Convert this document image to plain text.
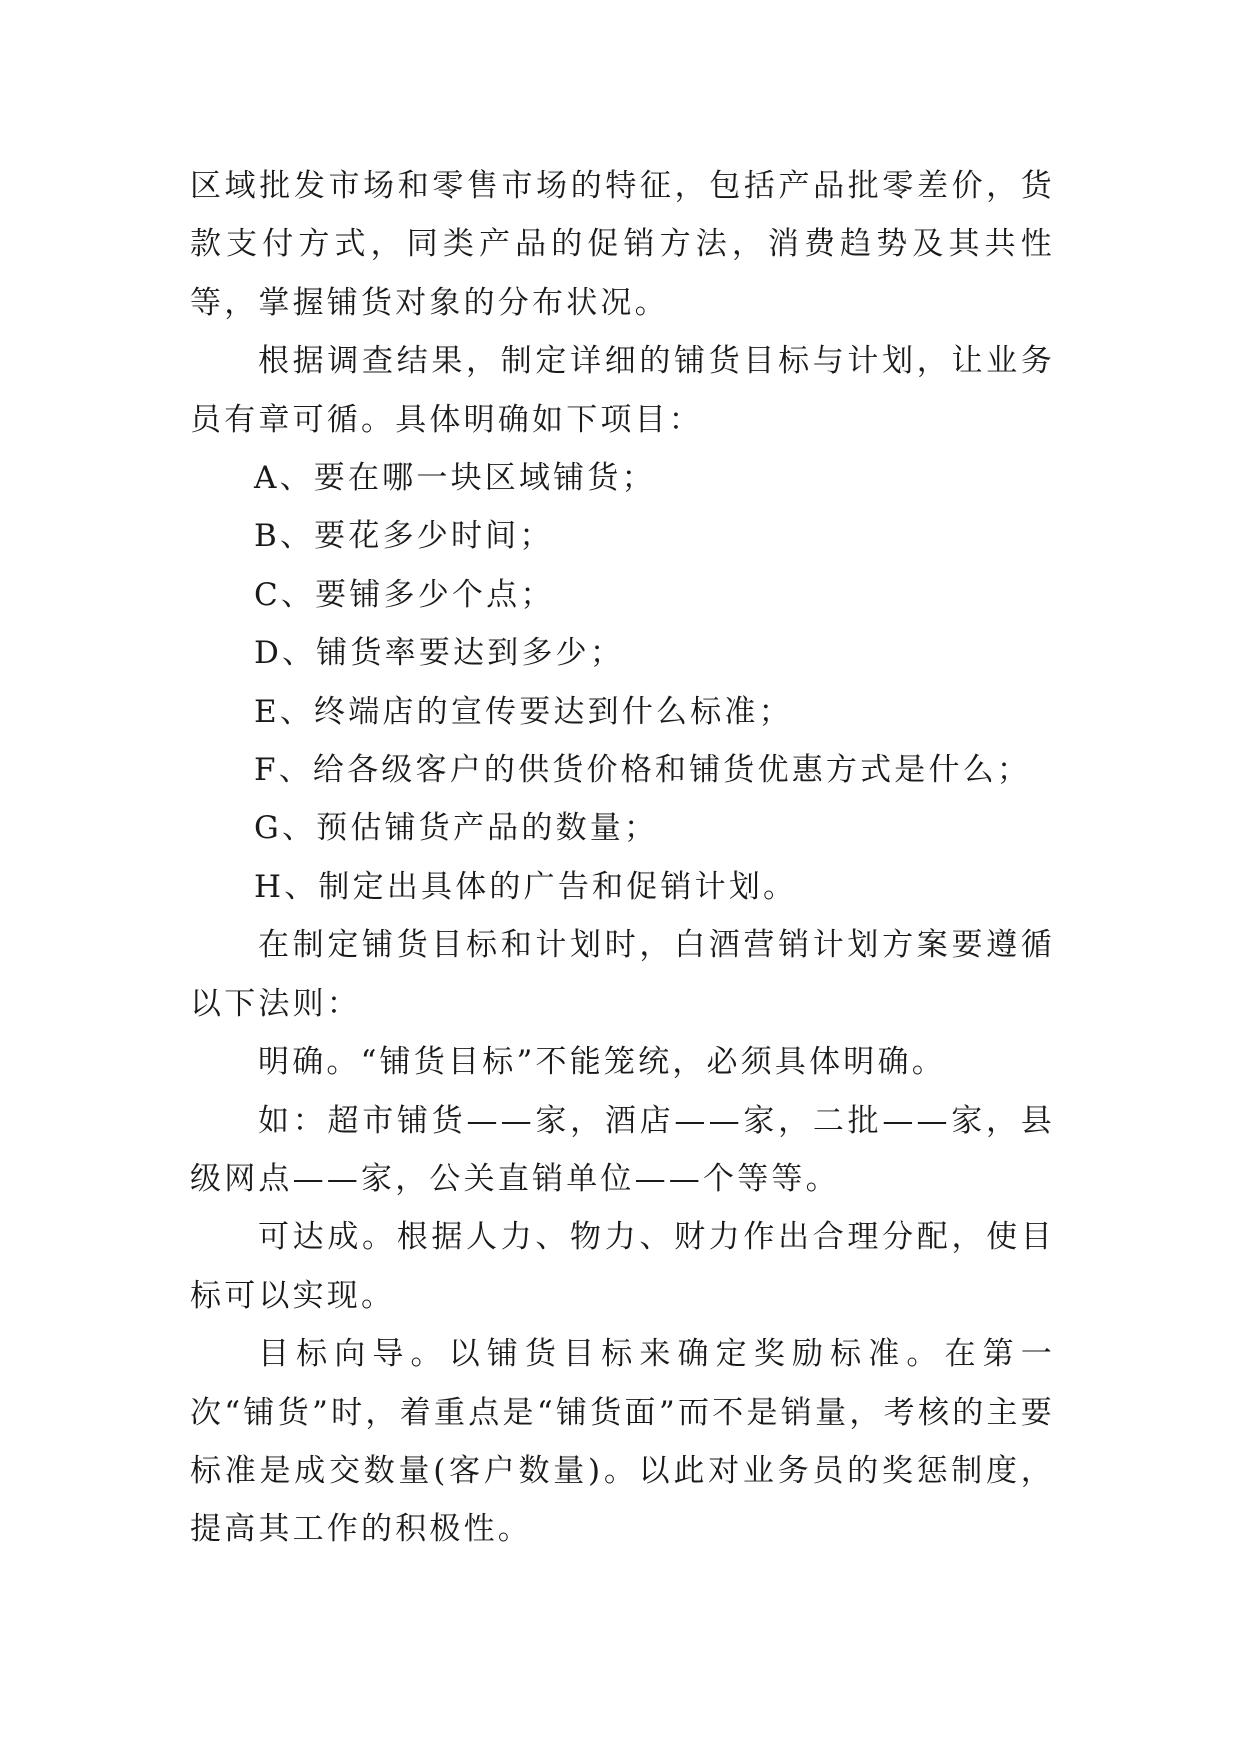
区域批发市场和零售市场的特征，包括产品批零差价，货款支付方式，同类产品的促销方法，消费趋势及其共性等，掌握铺货对象的分布状况。

根据调查结果，制定详细的铺货目标与计划，让业务员有章可循。具体明确如下项目：

A、要在哪一块区域铺货；

B、要花多少时间；

C、要铺多少个点；

D、铺货率要达到多少；

E、终端店的宣传要达到什么标准；

F、给各级客户的供货价格和铺货优惠方式是什么；

G、预估铺货产品的数量；

H、制定出具体的广告和促销计划。

在制定铺货目标和计划时，白酒营销计划方案要遵循以下法则：

明确。“铺货目标”不能笼统，必须具体明确。

如：超市铺货——家，酒店——家，二批——家，县级网点——家，公关直销单位——个等等。

可达成。根据人力、物力、财力作出合理分配，使目标可以实现。

目标向导。以铺货目标来确定奖励标准。在第一次“铺货”时，着重点是“铺货面”而不是销量，考核的主要标准是成交数量(客户数量)。以此对业务员的奖惩制度，提高其工作的积极性。
